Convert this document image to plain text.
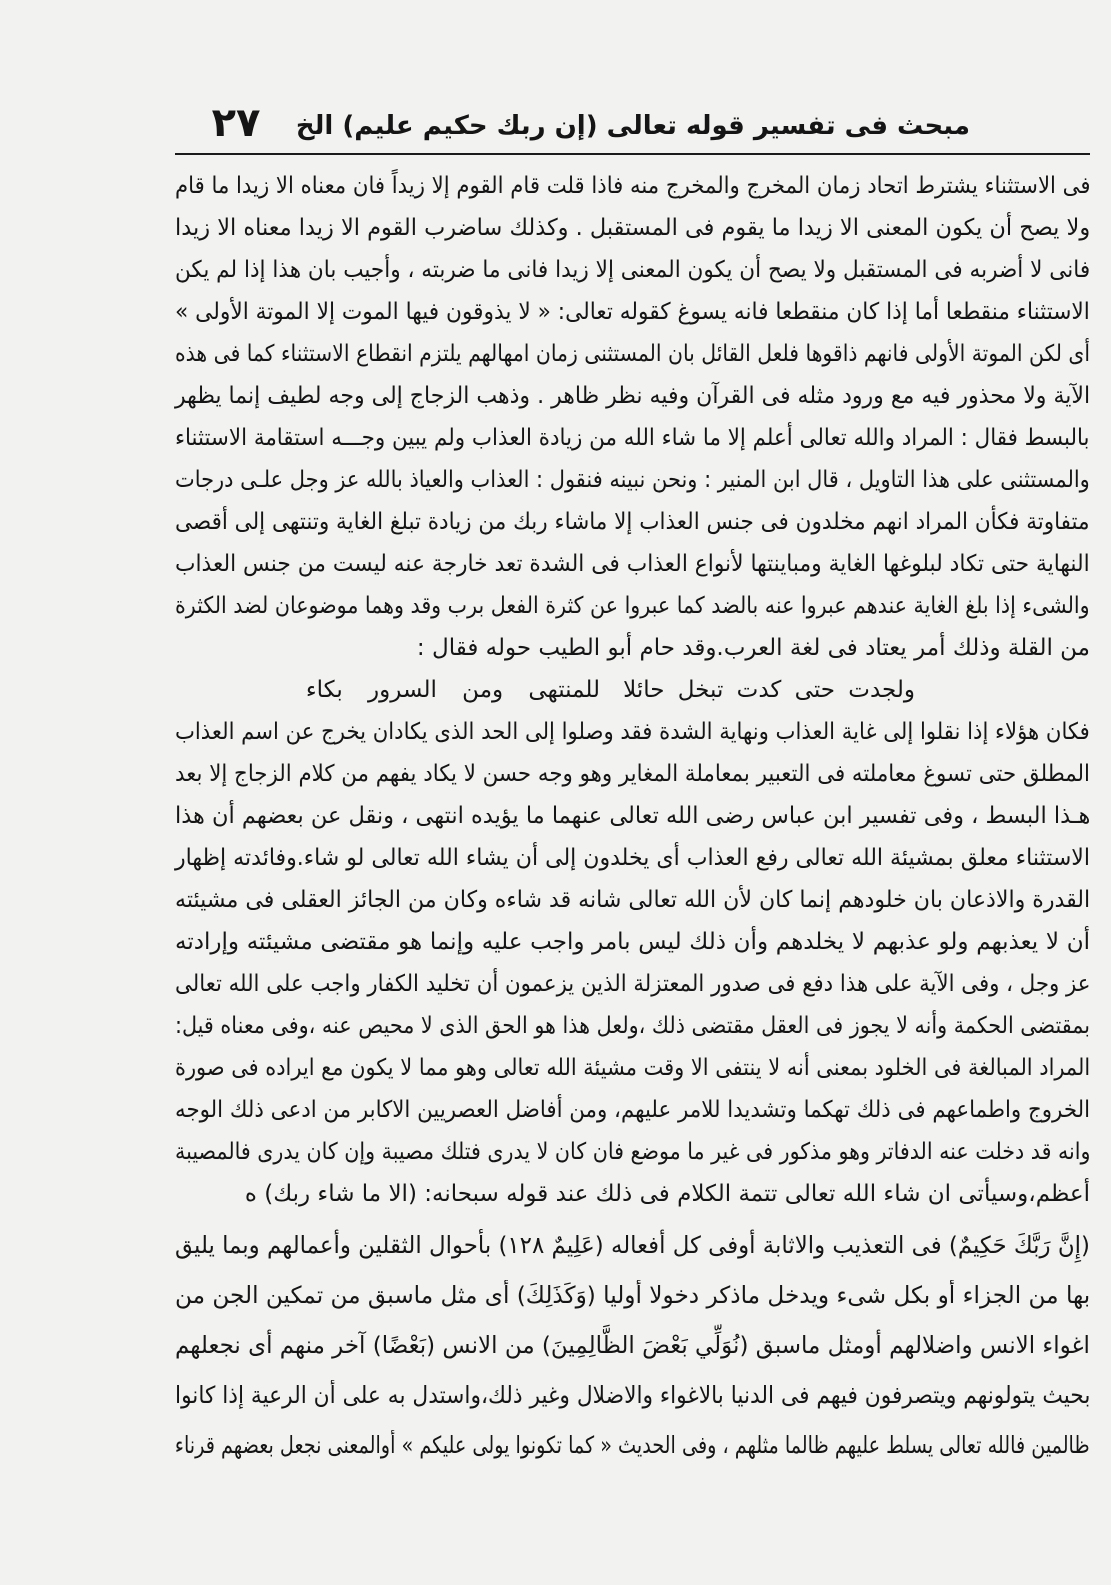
مبحث فى تفسير قوله تعالى (إن ربك حكيم عليم) الخ
٢٧
فى الاستثناء يشترط اتحاد زمان المخرج والمخرج منه فاذا قلت قام القوم إلا زيداً فان معناه الا زيدا ما قام
ولا يصح أن يكون المعنى الا زيدا ما يقوم فى المستقبل . وكذلك ساضرب القوم الا زيدا معناه الا زيدا
فانى لا أضربه فى المستقبل ولا يصح أن يكون المعنى إلا زيدا فانى ما ضربته ، وأجيب بان هذا إذا لم يكن
الاستثناء منقطعا أما إذا كان منقطعا فانه يسوغ كقوله تعالى: « لا يذوقون فيها الموت إلا الموتة الأولى »
أى لكن الموتة الأولى فانهم ذاقوها فلعل القائل بان المستثنى زمان امهالهم يلتزم انقطاع الاستثناء كما فى هذه
الآية ولا محذور فيه مع ورود مثله فى القرآن وفيه نظر ظاهر . وذهب الزجاج إلى وجه لطيف إنما يظهر
بالبسط فقال : المراد والله تعالى أعلم إلا ما شاء الله من زيادة العذاب ولم يبين وجـــه استقامة الاستثناء
والمستثنى على هذا التاويل ، قال ابن المنير : ونحن نبينه فنقول : العذاب والعياذ بالله عز وجل علـى درجات
متفاوتة فكأن المراد انهم مخلدون فى جنس العذاب إلا ماشاء ربك من زيادة تبلغ الغاية وتنتهى إلى أقصى
النهاية حتى تكاد لبلوغها الغاية ومباينتها لأنواع العذاب فى الشدة تعد خارجة عنه ليست من جنس العذاب
والشىء إذا بلغ الغاية عندهم عبروا عنه بالضد كما عبروا عن كثرة الفعل برب وقد وهما موضوعان لضد الكثرة
من القلة وذلك أمر يعتاد فى لغة العرب.وقد حام أبو الطيب حوله فقال :
ولجدت حتى كدت تبخل حائلا
للمنتهى ومن السرور بكاء
فكان هؤلاء إذا نقلوا إلى غاية العذاب ونهاية الشدة فقد وصلوا إلى الحد الذى يكادان يخرج عن اسم العذاب
المطلق حتى تسوغ معاملته فى التعبير بمعاملة المغاير وهو وجه حسن لا يكاد يفهم من كلام الزجاج إلا بعد
هـذا البسط ، وفى تفسير ابن عباس رضى الله تعالى عنهما ما يؤيده انتهى ، ونقل عن بعضهم أن هذا
الاستثناء معلق بمشيئة الله تعالى رفع العذاب أى يخلدون إلى أن يشاء الله تعالى لو شاء.وفائدته إظهار
القدرة والاذعان بان خلودهم إنما كان لأن الله تعالى شانه قد شاءه وكان من الجائز العقلى فى مشيئته
أن لا يعذبهم ولو عذبهم لا يخلدهم وأن ذلك ليس بامر واجب عليه وإنما هو مقتضى مشيئته وإرادته
عز وجل ، وفى الآية على هذا دفع فى صدور المعتزلة الذين يزعمون أن تخليد الكفار واجب على الله تعالى
بمقتضى الحكمة وأنه لا يجوز فى العقل مقتضى ذلك ،ولعل هذا هو الحق الذى لا محيص عنه ،وفى معناه قيل:
المراد المبالغة فى الخلود بمعنى أنه لا ينتفى الا وقت مشيئة الله تعالى وهو مما لا يكون مع ايراده فى صورة
الخروج واطماعهم فى ذلك تهكما وتشديدا للامر عليهم، ومن أفاضل العصريين الاكابر من ادعى ذلك الوجه
وانه قد دخلت عنه الدفاتر وهو مذكور فى غير ما موضع فان كان لا يدرى فتلك مصيبة وإن كان يدرى فالمصيبة
أعظم،وسيأتى ان شاء الله تعالى تتمة الكلام فى ذلك عند قوله سبحانه: (الا ما شاء ربك) ه
(إِنَّ رَبَّكَ حَكِيمٌ) فى التعذيب والاثابة أوفى كل أفعاله (عَلِيمٌ ١٢٨) بأحوال الثقلين وأعمالهم وبما يليق
بها من الجزاء أو بكل شىء ويدخل ماذكر دخولا أوليا (وَكَذَلِكَ) أى مثل ماسبق من تمكين الجن من
اغواء الانس واضلالهم أومثل ماسبق (نُوَلِّي بَعْضَ الظَّالِمِينَ) من الانس (بَعْضًا) آخر منهم أى نجعلهم
بحيث يتولونهم ويتصرفون فيهم فى الدنيا بالاغواء والاضلال وغير ذلك،واستدل به على أن الرعية إذا كانوا
ظالمين فالله تعالى يسلط عليهم ظالما مثلهم ، وفى الحديث « كما تكونوا يولى عليكم » أوالمعنى نجعل بعضهم قرناء
